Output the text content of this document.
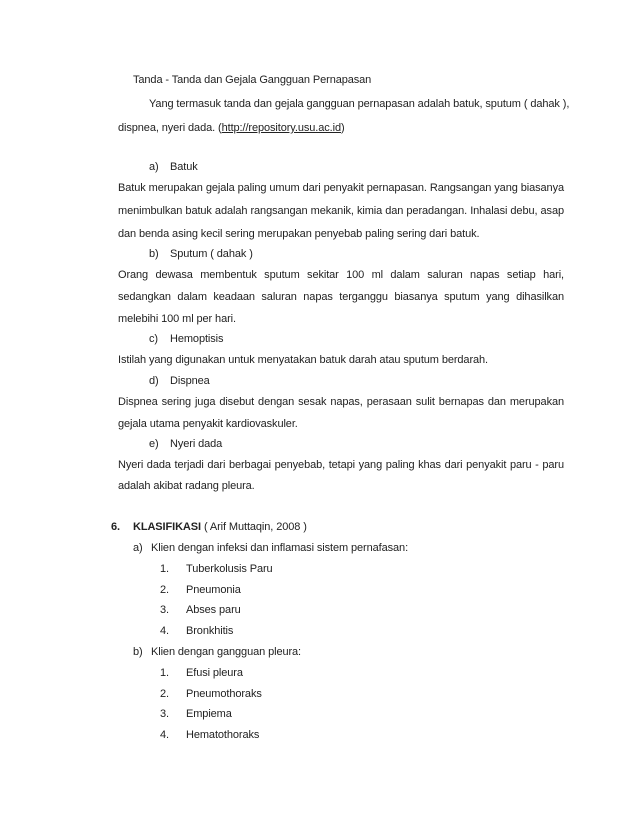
Tanda - Tanda dan Gejala Gangguan Pernapasan
Yang termasuk tanda dan gejala gangguan pernapasan adalah batuk, sputum ( dahak ),
dispnea, nyeri dada. (http://repository.usu.ac.id)
a) Batuk
Batuk merupakan gejala paling umum dari penyakit pernapasan. Rangsangan yang biasanya
menimbulkan batuk adalah rangsangan mekanik, kimia dan peradangan. Inhalasi debu, asap
dan benda asing kecil sering merupakan penyebab paling sering dari batuk.
b) Sputum ( dahak )
Orang dewasa membentuk sputum sekitar 100 ml dalam saluran napas setiap hari,
sedangkan dalam keadaan saluran napas terganggu biasanya sputum yang dihasilkan
melebihi 100 ml per hari.
c) Hemoptisis
Istilah yang digunakan untuk menyatakan batuk darah atau sputum berdarah.
d) Dispnea
Dispnea sering juga disebut dengan sesak napas, perasaan sulit bernapas dan merupakan
gejala utama penyakit kardiovaskuler.
e) Nyeri dada
Nyeri dada terjadi dari berbagai penyebab, tetapi yang paling khas dari penyakit paru - paru
adalah akibat radang pleura.
6. KLASIFIKASI ( Arif Muttaqin, 2008 )
a) Klien dengan infeksi dan inflamasi sistem pernafasan:
1. Tuberkolusis Paru
2. Pneumonia
3. Abses paru
4. Bronkhitis
b) Klien dengan gangguan pleura:
1. Efusi pleura
2. Pneumothoraks
3. Empiema
4. Hematothoraks
